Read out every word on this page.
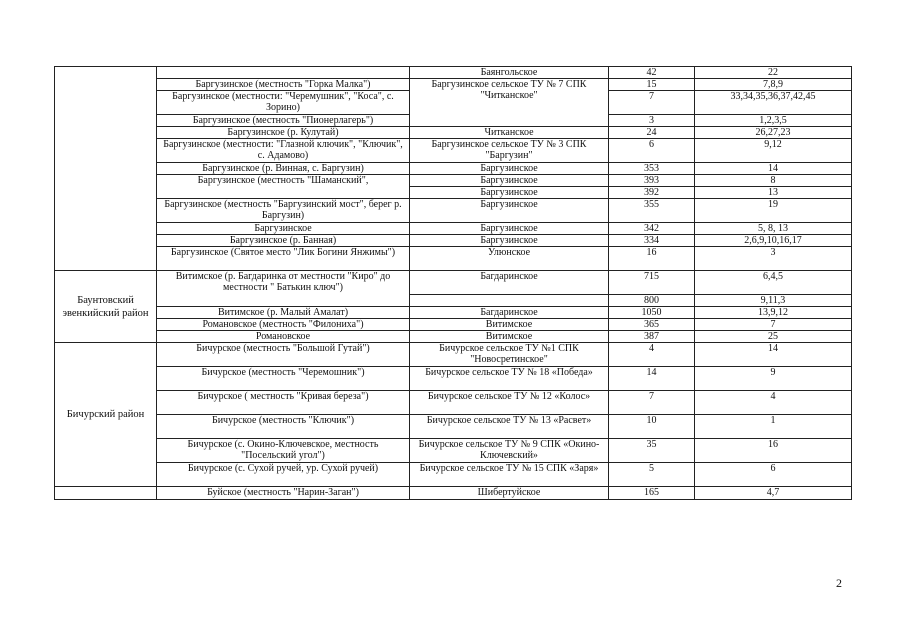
		Баянгольское	42	22
	Баргузинское (местность "Горка Малка")	Баргузинское сельское ТУ № 7 СПК "Читканское"	15	7,8,9
	Баргузинское (местности: "Черемушник", "Коса", с. Зорино)		7	33,34,35,36,37,42,45
	Баргузинское (местность "Пионерлагерь")		3	1,2,3,5
	Баргузинское (р. Кулутай)	Читканское	24	26,27,23
	Баргузинское (местности: "Глазной ключик", "Ключик", с. Адамово)	Баргузинское сельское ТУ № 3 СПК "Баргузин"	6	9,12
	Баргузинское (р. Винная, с. Баргузин)	Баргузинское	353	14
	Баргузинское (местность "Шаманский",	Баргузинское	393	8
		Баргузинское	392	13
	Баргузинское (местность "Баргузинский мост", берег р. Баргузин)	Баргузинское	355	19
	Баргузинское	Баргузинское	342	5, 8, 13
	Баргузинское (р. Банная)	Баргузинское	334	2,6,9,10,16,17
	Баргузинское (Святое место "Лик Богини Янжимы")	Улюнское	16	3
Баунтовский эвенкийский район	Витимское (р. Багдаринка от местности "Киро" до местности " Батькин ключ")	Багдаринское	715	6,4,5
			800	9,11,3
	Витимское (р. Малый Амалат)	Багдаринское	1050	13,9,12
	Романовское (местность "Филониха")	Витимское	365	7
	Романовское	Витимское	387	25
Бичурский район	Бичурское (местность "Большой Гутай")	Бичурское сельское ТУ №1 СПК "Новосретинское"	4	14
	Бичурское (местность "Черемошник")	Бичурское сельское ТУ № 18 «Победа»	14	9
	Бичурское ( местность "Кривая береза")	Бичурское сельское ТУ № 12 «Колос»	7	4
	Бичурское (местность "Ключик")	Бичурское сельское ТУ № 13 «Расвет»	10	1
	Бичурское (с. Окино-Ключевское, местность "Посельский угол")	Бичурское сельское ТУ № 9 СПК «Окино-Ключевский»	35	16
	Бичурское (с. Сухой ручей, ур. Сухой ручей)	Бичурское сельское ТУ № 15 СПК «Заря»	5	6
	Буйское (местность "Нарин-Заган")	Шибертуйское	165	4,7
2
